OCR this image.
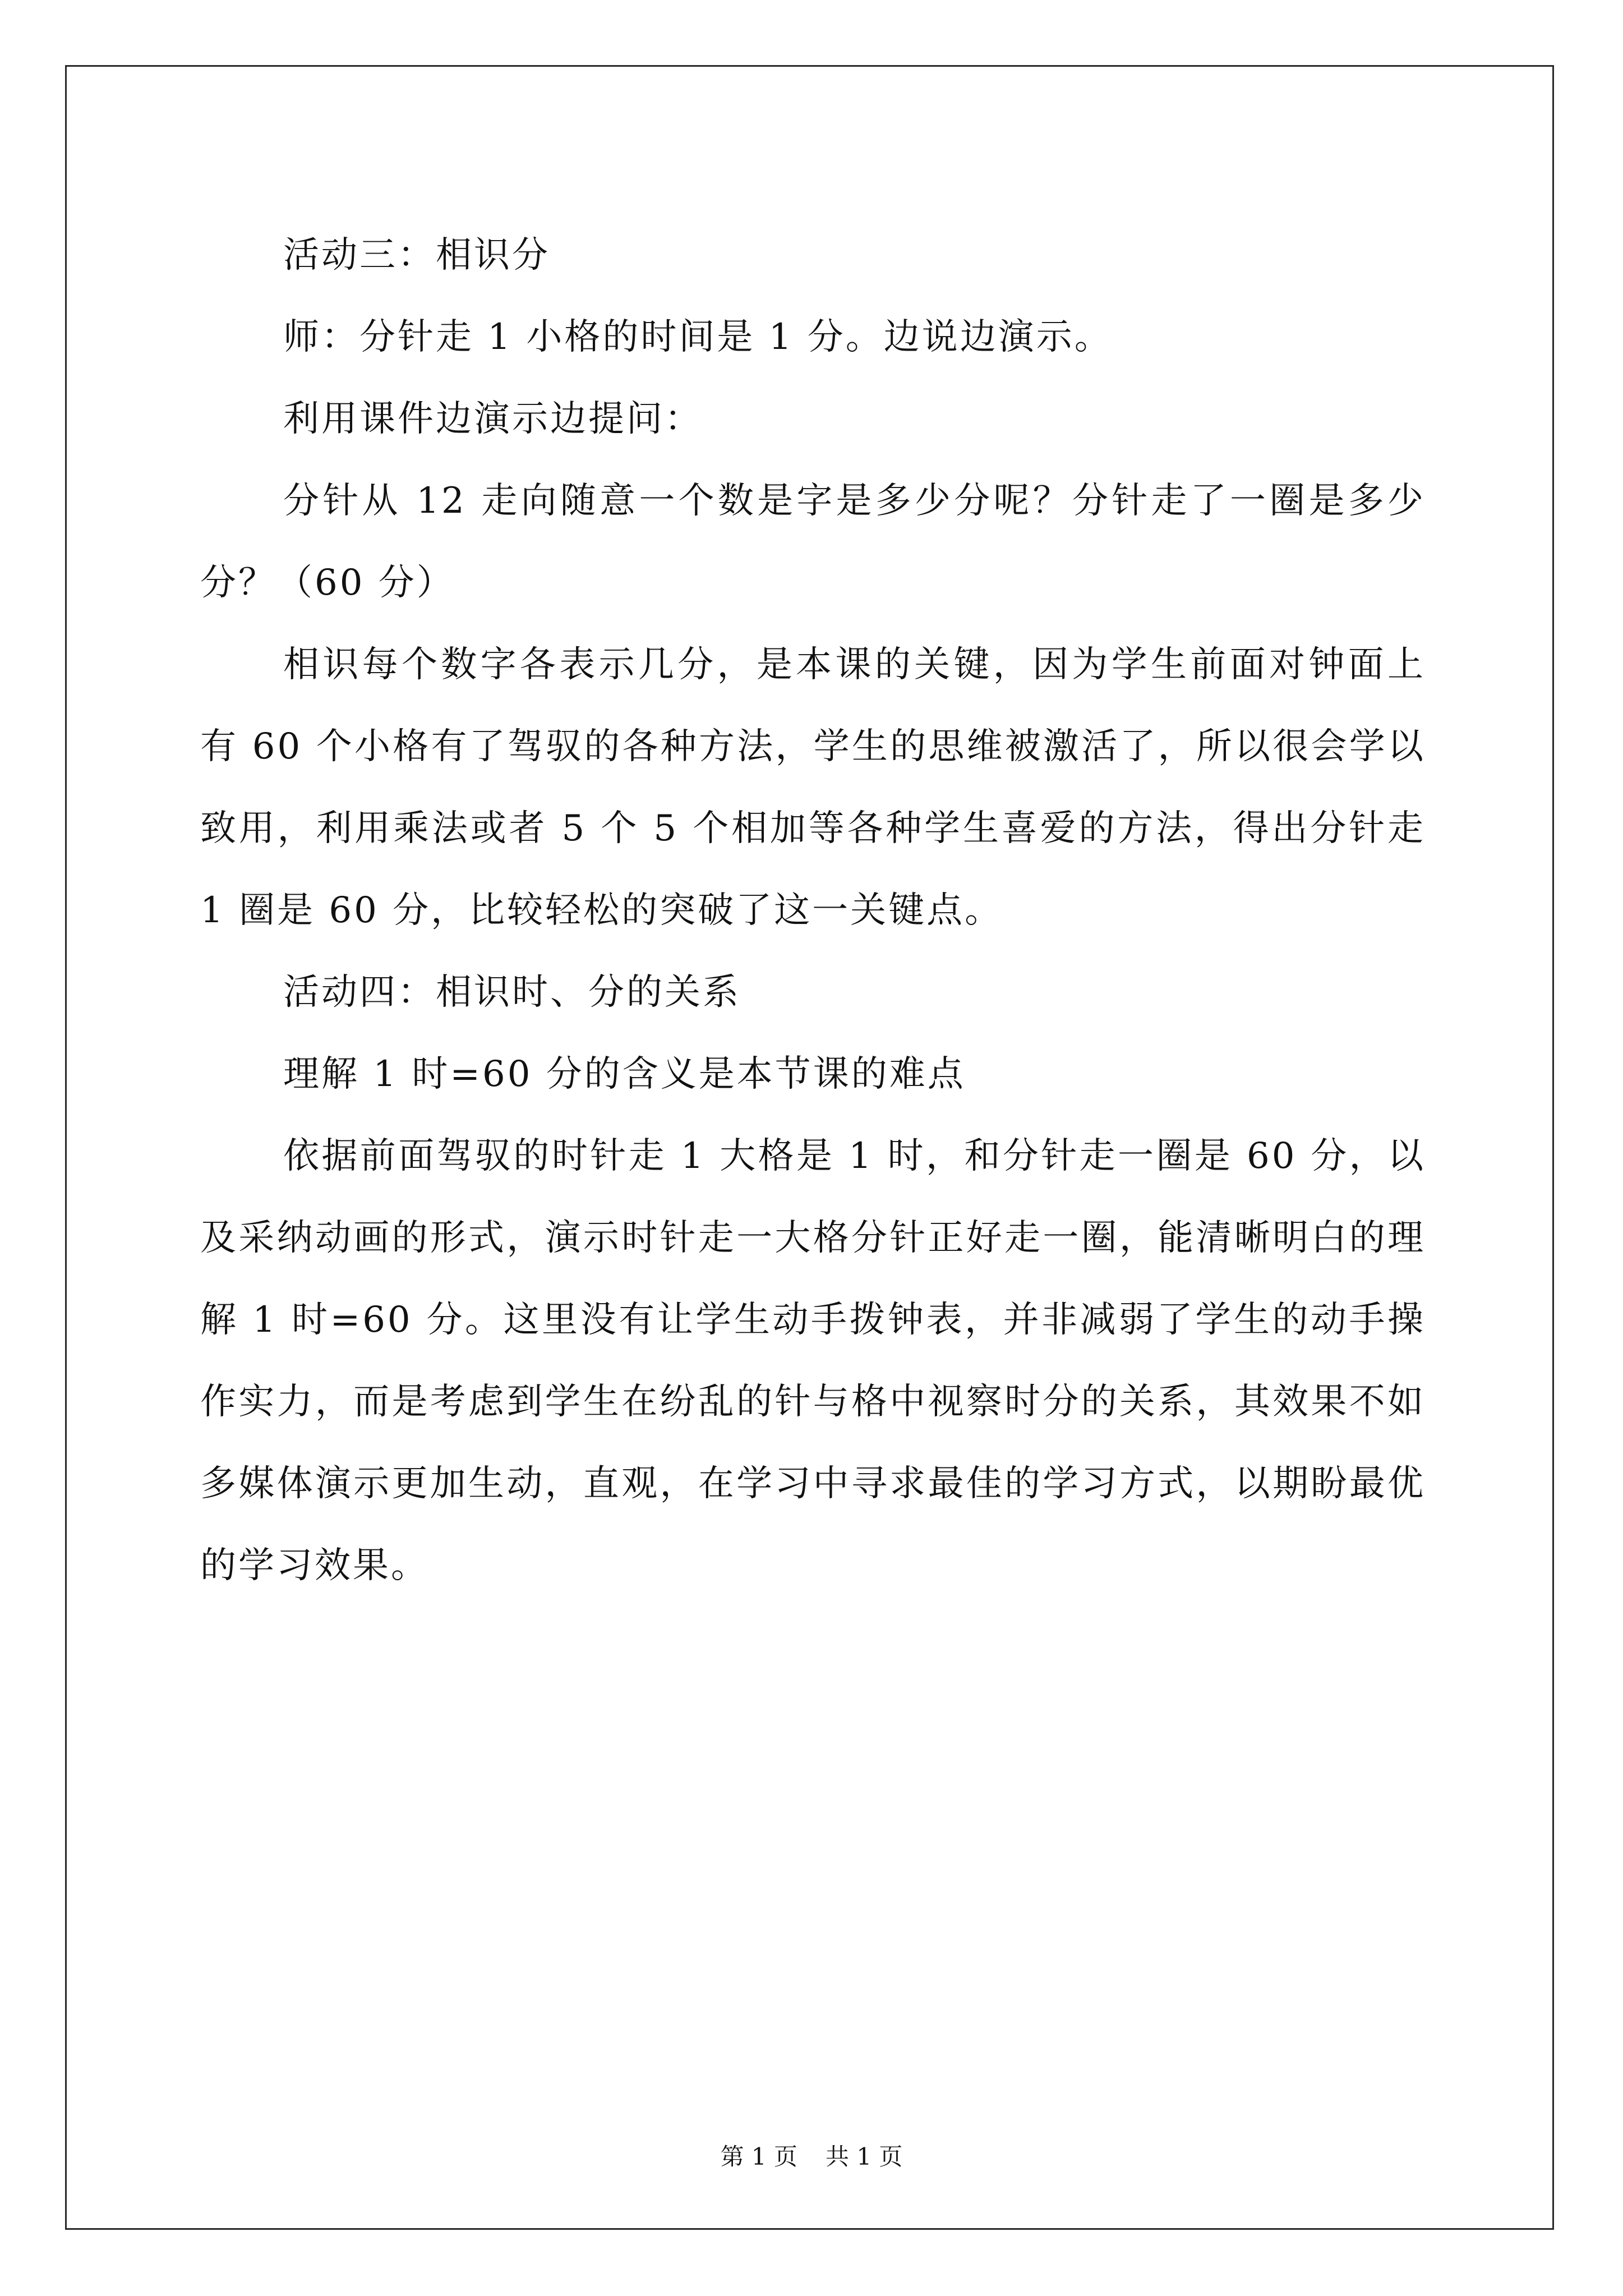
活动三：相识分

师：分针走 1 小格的时间是 1 分。边说边演示。

利用课件边演示边提问：

分针从 12 走向随意一个数是字是多少分呢？分针走了一圈是多少分？（60 分）

相识每个数字各表示几分，是本课的关键，因为学生前面对钟面上有 60 个小格有了驾驭的各种方法，学生的思维被激活了，所以很会学以致用，利用乘法或者 5 个 5 个相加等各种学生喜爱的方法，得出分针走 1 圈是 60 分，比较轻松的突破了这一关键点。

活动四：相识时、分的关系

理解 1 时=60 分的含义是本节课的难点

依据前面驾驭的时针走 1 大格是 1 时，和分针走一圈是 60 分，以及采纳动画的形式，演示时针走一大格分针正好走一圈，能清晰明白的理解 1 时=60 分。这里没有让学生动手拨钟表，并非减弱了学生的动手操作实力，而是考虑到学生在纷乱的针与格中视察时分的关系，其效果不如多媒体演示更加生动，直观，在学习中寻求最佳的学习方式，以期盼最优的学习效果。

第 1 页 共 1 页
